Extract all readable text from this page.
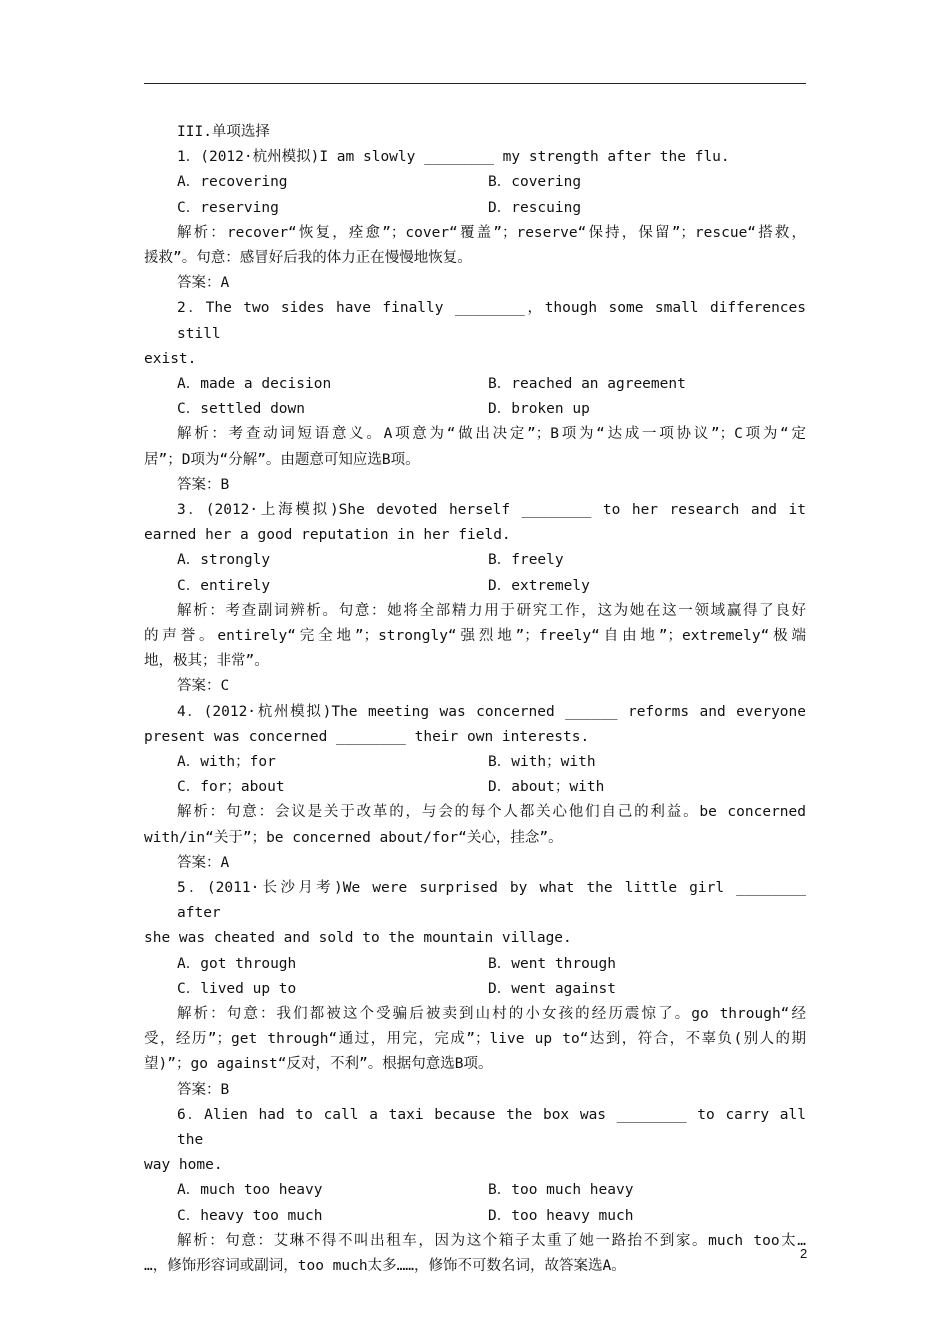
III.单项选择
1．(2012·杭州模拟)I am slowly ________ my strength after the flu.
A．recovering	B．covering
C．reserving	D．rescuing
解析：recover“恢复，痊愈”；cover“覆盖”；reserve“保持，保留”；rescue“搭救，
援救”。句意：感冒好后我的体力正在慢慢地恢复。
答案：A
2．The two sides have finally ________，though some small differences still
exist.
A．made a decision	B．reached an agreement
C．settled down	D．broken up
解析：考查动词短语意义。A项意为“做出决定”；B项为“达成一项协议”；C项为“定
居”；D项为“分解”。由题意可知应选B项。
答案：B
3．(2012·上海模拟)She devoted herself ________ to her research and it
earned her a good reputation in her field.
A．strongly	B．freely
C．entirely	D．extremely
解析：考查副词辨析。句意：她将全部精力用于研究工作，这为她在这一领域赢得了良好
的声誉。entirely“完全地”；strongly“强烈地”；freely“自由地”；extremely“极端
地，极其；非常”。
答案：C
4．(2012·杭州模拟)The meeting was concerned ______ reforms and everyone
present was concerned ________ their own interests.
A．with；for	B．with；with
C．for；about	D．about；with
解析：句意：会议是关于改革的，与会的每个人都关心他们自己的利益。be concerned
with/in“关于”；be concerned about/for“关心，挂念”。
答案：A
5．(2011·长沙月考)We were surprised by what the little girl ________ after
she was cheated and sold to the mountain village.
A．got through	B．went through
C．lived up to	D．went against
解析：句意：我们都被这个受骗后被卖到山村的小女孩的经历震惊了。go through“经
受，经历”；get through“通过，用完，完成”；live up to“达到，符合，不辜负(别人的期
望)”；go against“反对，不利”。根据句意选B项。
答案：B
6．Alien had to call a taxi because the box was ________ to carry all the
way home.
A．much too heavy	B．too much heavy
C．heavy too much	D．too heavy much
解析：句意：艾琳不得不叫出租车，因为这个箱子太重了她一路抬不到家。much too太…
…，修饰形容词或副词，too much太多……，修饰不可数名词，故答案选A。
2
